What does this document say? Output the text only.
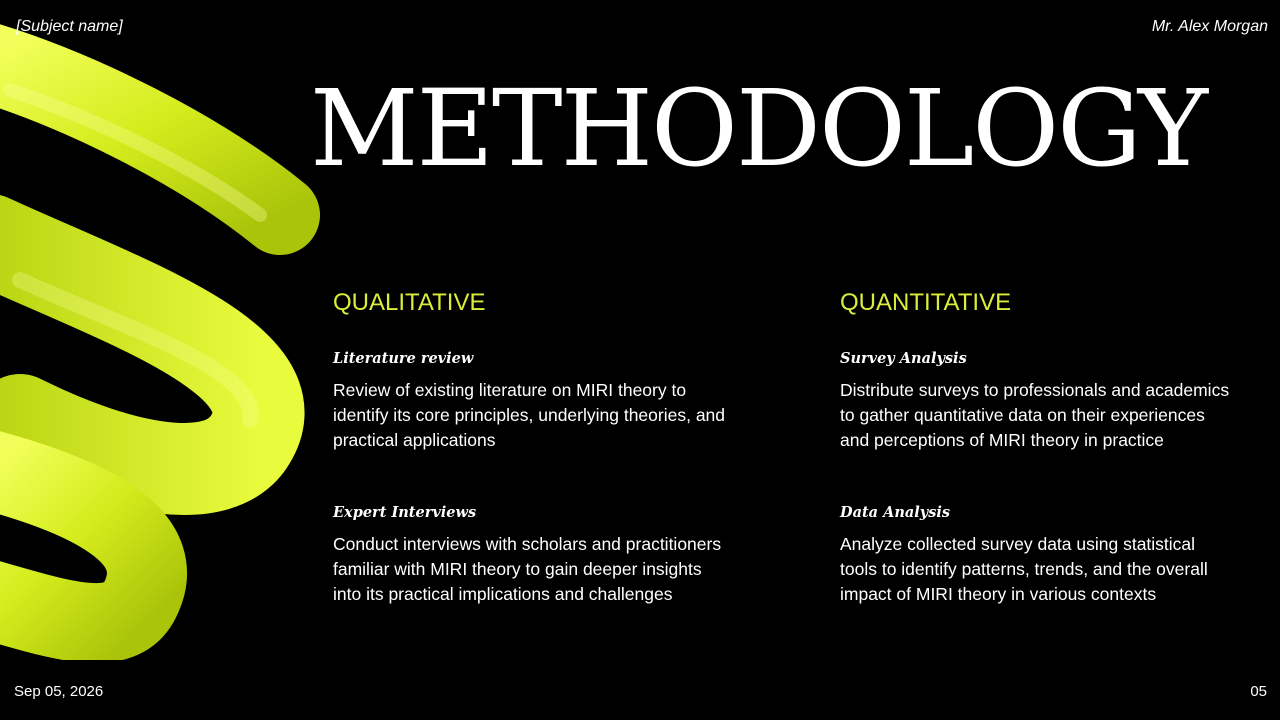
[Subject name]	Mr. Alex Morgan
METHODOLOGY
QUALITATIVE
Literature review
Review of existing literature on MIRI theory to identify its core principles, underlying theories, and practical applications
Expert Interviews
Conduct interviews with scholars and practitioners familiar with MIRI theory to gain deeper insights into its practical implications and challenges
QUANTITATIVE
Survey Analysis
Distribute surveys to professionals and academics to gather quantitative data on their experiences and perceptions of MIRI theory in practice
Data Analysis
Analyze collected survey data using statistical tools to identify patterns, trends, and the overall impact of MIRI theory in various contexts
Sep 05, 2026	05
